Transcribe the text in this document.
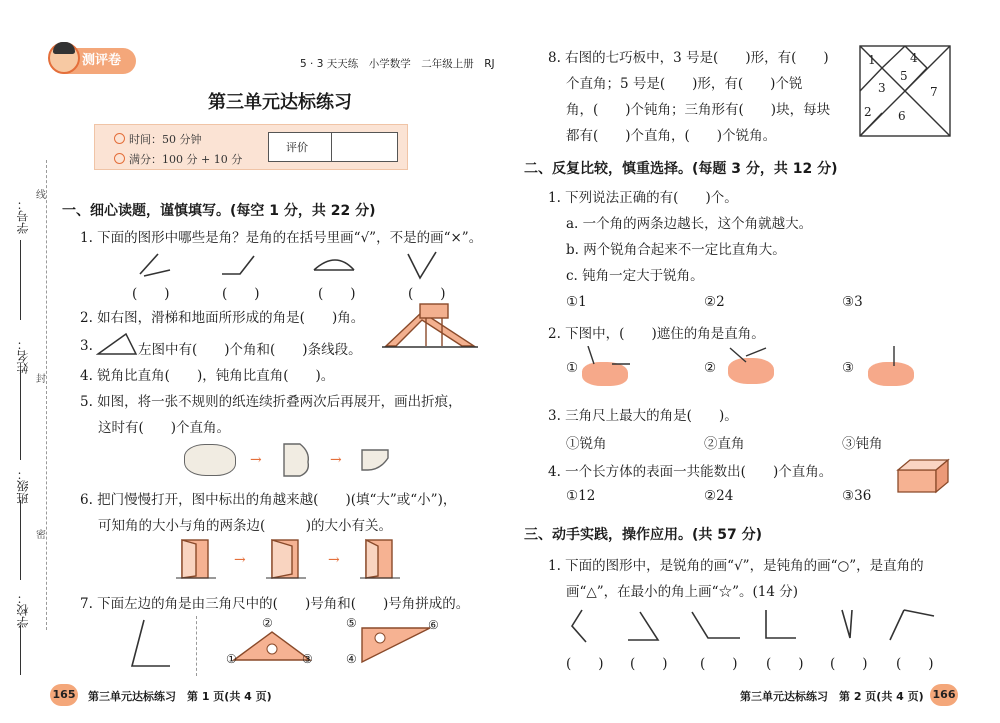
学号：
姓名：
班级：
学校：
线
封
密
测评卷	5 · 3 天天练　小学数学　二年级上册　RJ
第三单元达标练习
时间：50 分钟
满分：100 分 + 10 分
评价
一、细心读题，谨慎填写。(每空 1 分，共 22 分)
1. 下面的图形中哪些是角？是角的在括号里画“√”，不是的画“×”。
(　　)	(　　)	(　　)	(　　)
2. 如右图，滑梯和地面所形成的角是(　　)角。
3.	左图中有(　　)个角和(　　)条线段。
4. 锐角比直角(　　)，钝角比直角(　　)。
5. 如图，将一张不规则的纸连续折叠两次后再展开，画出折痕，
这时有(　　)个直角。
→	→
6. 把门慢慢打开，图中标出的角越来越(　　)(填“大”或“小”)，
可知角的大小与角的两条边(　　　)的大小有关。
→	→
7. 下面左边的角是由三角尺中的(　　)号角和(　　)号角拼成的。
②
①	③
⑤	⑥
④
8. 右图的七巧板中，3 号是(　　)形，有(　　)
个直角；5 号是(　　)形，有(　　)个锐
角，(　　)个钝角；三角形有(　　)块，每块
都有(　　)个直角，(　　)个锐角。
1	4
5
3	7
2 6
二、反复比较，慎重选择。(每题 3 分，共 12 分)
1. 下列说法正确的有(　　)个。
a. 一个角的两条边越长，这个角就越大。
b. 两个锐角合起来不一定比直角大。
c. 钝角一定大于锐角。
①1	②2	③3
2. 下图中，(　　)遮住的角是直角。
①	②	③
3. 三角尺上最大的角是(　　)。
①锐角	②直角	③钝角
4. 一个长方体的表面一共能数出(　　)个直角。
①12	②24	③36
三、动手实践，操作应用。(共 57 分)
1. 下面的图形中，是锐角的画“√”，是钝角的画“○”，是直角的
画“△”，在最小的角上画“☆”。(14 分)
(　　) (　　) (　　) (　　) (　　) (　　)
165 第三单元达标练习　第 1 页(共 4 页)	第三单元达标练习　第 2 页(共 4 页) 166
